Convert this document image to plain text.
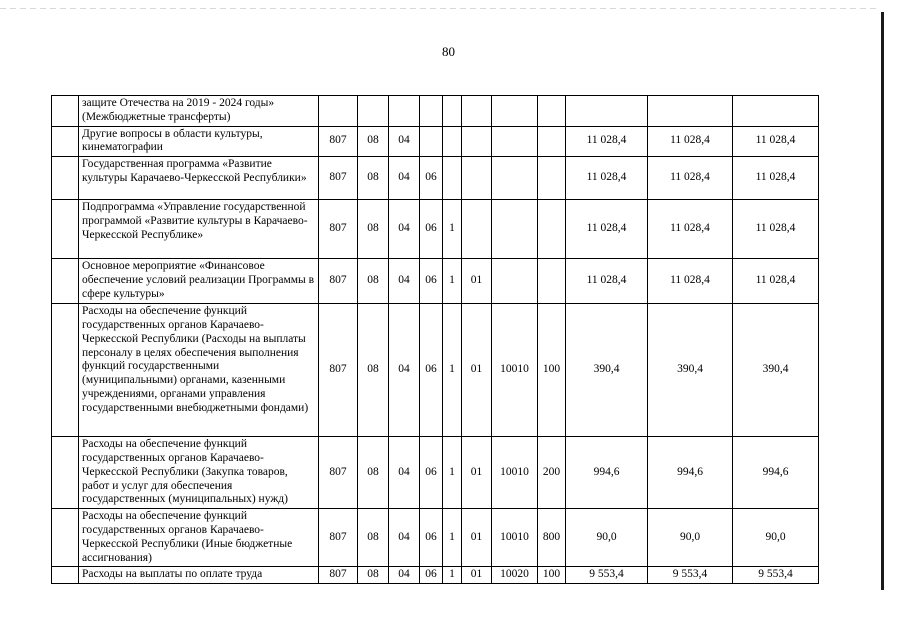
80
	защите Отечества на 2019 - 2024 годы» (Межбюджетные трансферты)											
	Другие вопросы в области культуры, кинематографии	807	08	04						11 028,4	11 028,4	11 028,4
	Государственная программа «Развитие культуры Карачаево-Черкесской Республики»	807	08	04	06					11 028,4	11 028,4	11 028,4
	Подпрограмма «Управление государственной программой «Развитие культуры в Карачаево-Черкесской Республике»	807	08	04	06	1				11 028,4	11 028,4	11 028,4
	Основное мероприятие «Финансовое обеспечение условий реализации Программы в сфере культуры»	807	08	04	06	1	01			11 028,4	11 028,4	11 028,4
	Расходы на обеспечение функций государственных органов Карачаево-Черкесской Республики (Расходы на выплаты персоналу в целях обеспечения выполнения функций государственными (муниципальными) органами, казенными учреждениями, органами управления государственными внебюджетными фондами)	807	08	04	06	1	01	10010	100	390,4	390,4	390,4
	Расходы на обеспечение функций государственных органов Карачаево-Черкесской Республики (Закупка товаров, работ и услуг для обеспечения государственных (муниципальных) нужд)	807	08	04	06	1	01	10010	200	994,6	994,6	994,6
	Расходы на обеспечение функций государственных органов Карачаево-Черкесской Республики (Иные бюджетные ассигнования)	807	08	04	06	1	01	10010	800	90,0	90,0	90,0
	Расходы на выплаты по оплате труда	807	08	04	06	1	01	10020	100	9 553,4	9 553,4	9 553,4
